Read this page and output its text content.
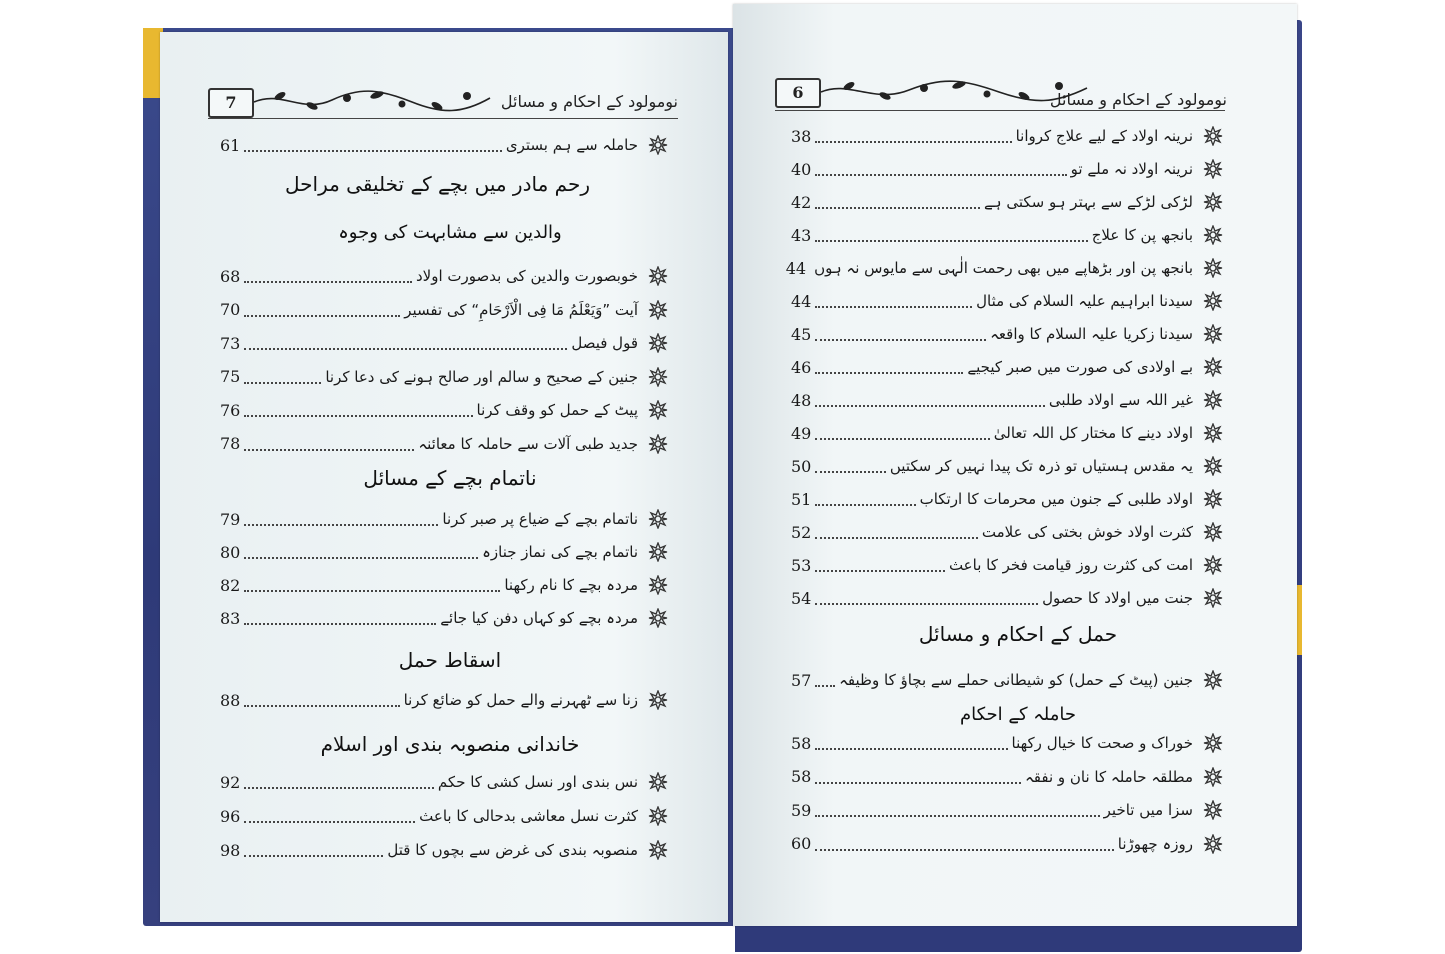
7	نومولود کے احکام و مسائل
حاملہ سے ہم بستری
61
رحم مادر میں بچے کے تخلیقی مراحل
والدین سے مشابہت کی وجوہ
خوبصورت والدین کی بدصورت اولاد
68
آیت ”وَیَعْلَمُ مَا فِی الْاَرْحَامِ“ کی تفسیر
70
قول فیصل
73
جنین کے صحیح و سالم اور صالح ہونے کی دعا کرنا
75
پیٹ کے حمل کو وقف کرنا
76
جدید طبی آلات سے حاملہ کا معائنہ
78
ناتمام بچے کے مسائل
ناتمام بچے کے ضیاع پر صبر کرنا
79
ناتمام بچے کی نماز جنازہ
80
مردہ بچے کا نام رکھنا
82
مردہ بچے کو کہاں دفن کیا جائے
83
اسقاط حمل
زنا سے ٹھہرنے والے حمل کو ضائع کرنا
88
خاندانی منصوبہ بندی اور اسلام
نس بندی اور نسل کشی کا حکم
92
کثرت نسل معاشی بدحالی کا باعث
96
منصوبہ بندی کی غرض سے بچوں کا قتل
98
6	نومولود کے احکام و مسائل
نرینہ اولاد کے لیے علاج کروانا
38
نرینہ اولاد نہ ملے تو
40
لڑکی لڑکے سے بہتر ہو سکتی ہے
42
بانجھ پن کا علاج
43
بانجھ پن اور بڑھاپے میں بھی رحمت الٰہی سے مایوس نہ ہوں
44
سیدنا ابراہیم علیہ السلام کی مثال
44
سیدنا زکریا علیہ السلام کا واقعہ
45
بے اولادی کی صورت میں صبر کیجیے
46
غیر اللہ سے اولاد طلبی
48
اولاد دینے کا مختار کل اللہ تعالیٰ
49
یہ مقدس ہستیاں تو ذرہ تک پیدا نہیں کر سکتیں
50
اولاد طلبی کے جنون میں محرمات کا ارتکاب
51
کثرت اولاد خوش بختی کی علامت
52
امت کی کثرت روز قیامت فخر کا باعث
53
جنت میں اولاد کا حصول
54
حمل کے احکام و مسائل
جنین (پیٹ کے حمل) کو شیطانی حملے سے بچاؤ کا وظیفہ
57
حاملہ کے احکام
خوراک و صحت کا خیال رکھنا
58
مطلقہ حاملہ کا نان و نفقہ
58
سزا میں تاخیر
59
روزہ چھوڑنا
60
